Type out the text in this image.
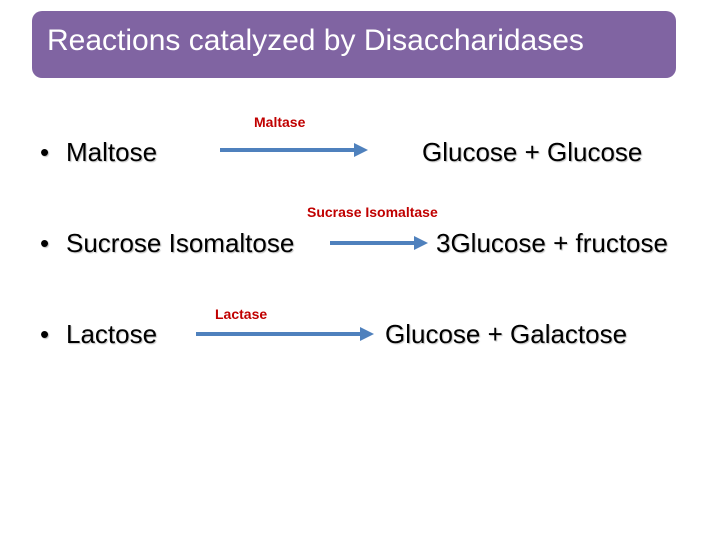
Reactions catalyzed by Disaccharidases
• Maltose
Maltase
Glucose + Glucose
• Sucrose Isomaltose
Sucrase Isomaltase
3Glucose + fructose
• Lactose
Lactase
Glucose + Galactose
